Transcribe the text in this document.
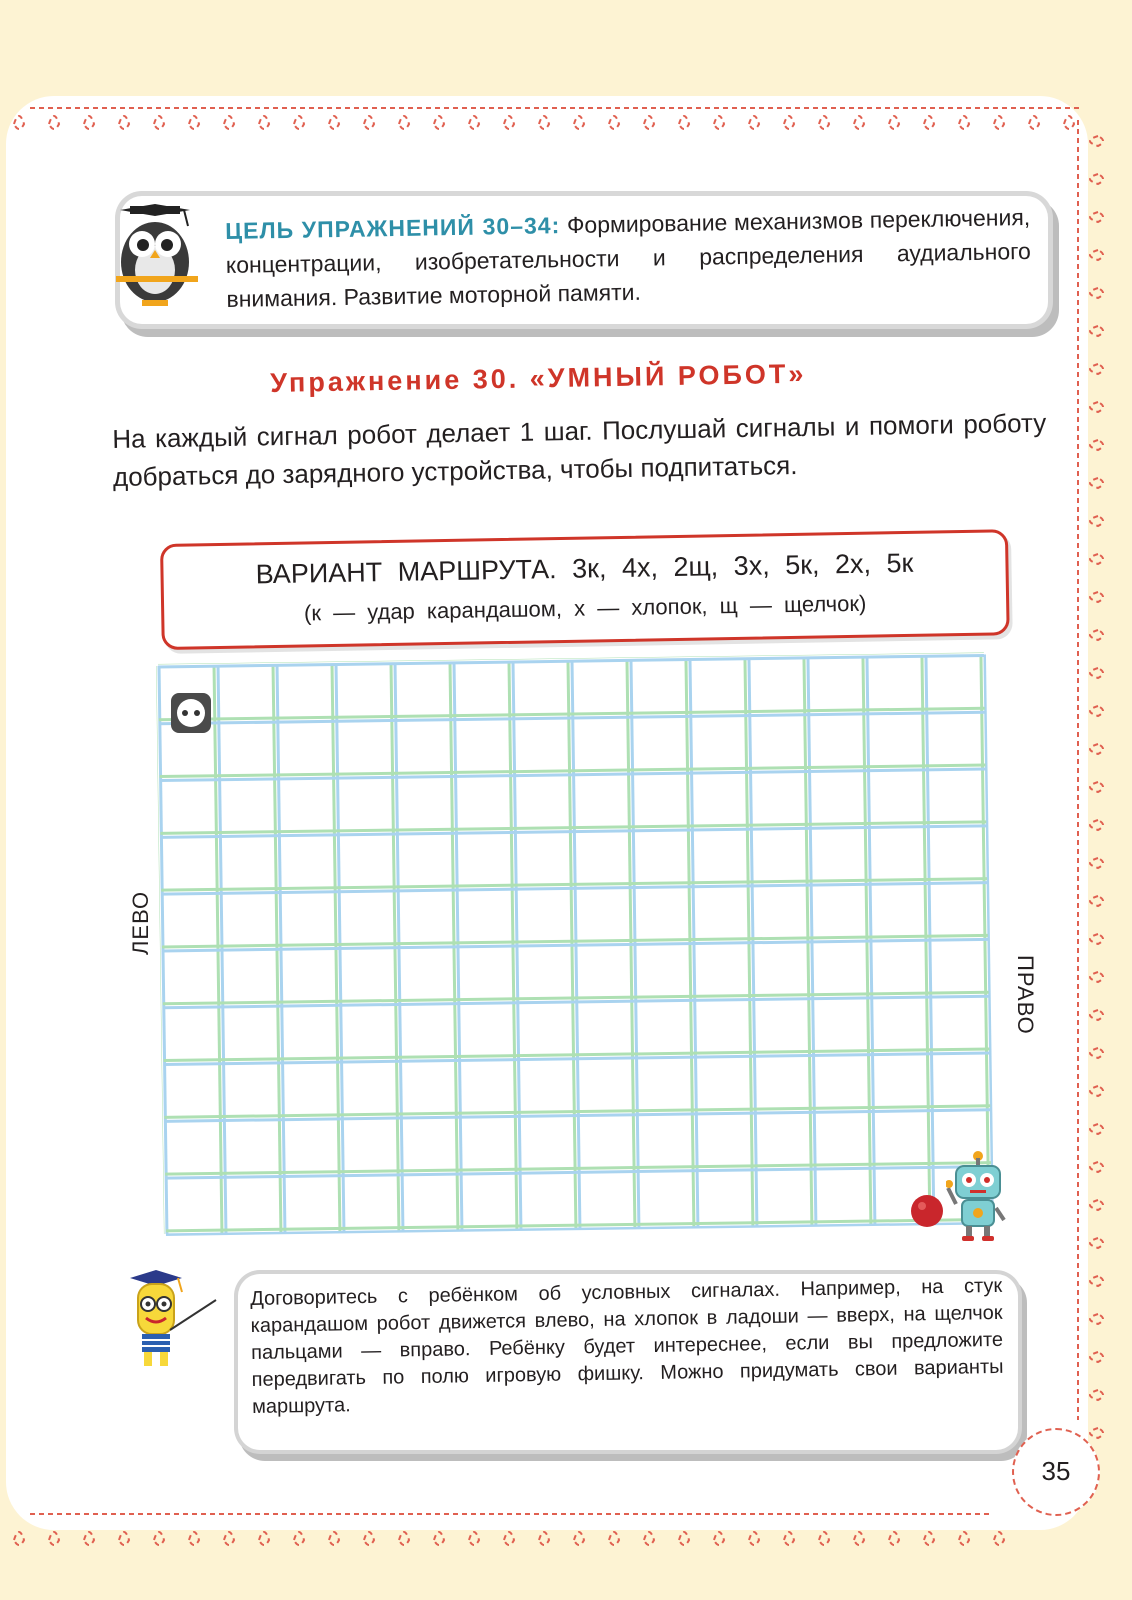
ЦЕЛЬ УПРАЖНЕНИЙ 30–34: Формирование механизмов переключения, концентрации, изобретательности и распределения аудиального внимания. Развитие моторной памяти.
Упражнение 30. «УМНЫЙ РОБОТ»
На каждый сигнал робот делает 1 шаг. Послушай сигналы и помоги роботу добраться до зарядного устройства, чтобы подпитаться.
ВАРИАНТ МАРШРУТА. 3к, 4х, 2щ, 3х, 5к, 2х, 5к
(к — удар карандашом, х — хлопок, щ — щелчок)
ЛЕВО
ПРАВО
Договоритесь с ребёнком об условных сигналах. Например, на стук карандашом робот движется влево, на хлопок в ладоши — вверх, на щелчок пальцами — вправо. Ребёнку будет интереснее, если вы предложите передвигать по полю игровую фишку. Можно придумать свои варианты маршрута.
35
